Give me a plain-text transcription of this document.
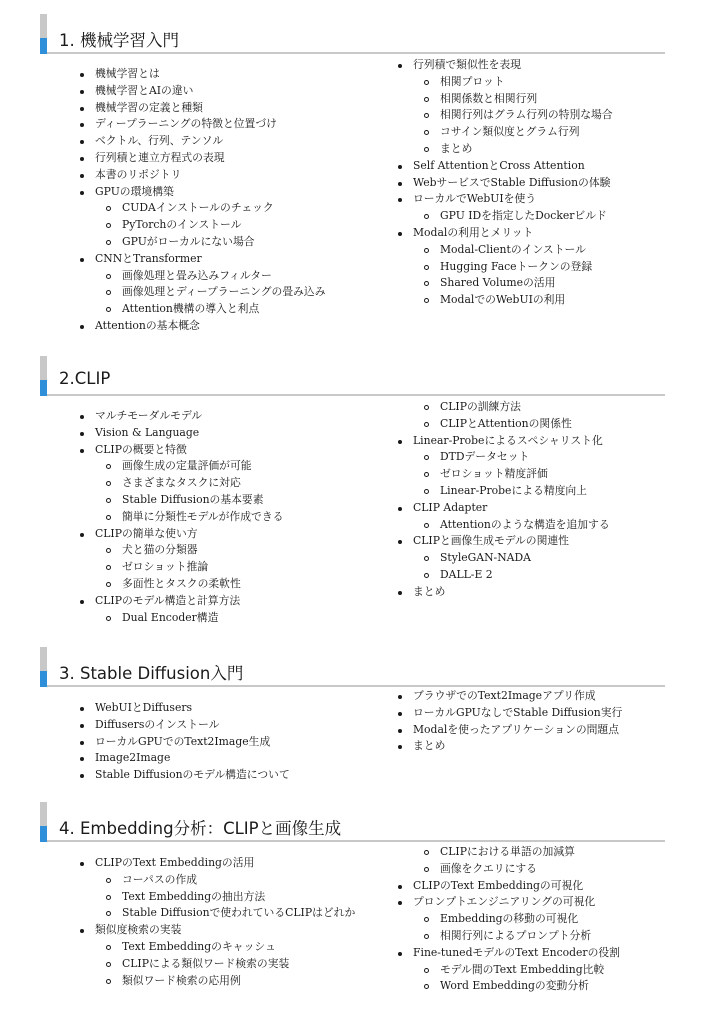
1. 機械学習入門
機械学習とは
機械学習とAIの違い
機械学習の定義と種類
ディープラーニングの特徴と位置づけ
ベクトル、行列、テンソル
行列積と連立方程式の表現
本書のリポジトリ
GPUの環境構築
CUDAインストールのチェック
PyTorchのインストール
GPUがローカルにない場合
CNNとTransformer
画像処理と畳み込みフィルター
画像処理とディープラーニングの畳み込み
Attention機構の導入と利点
Attentionの基本概念
行列積で類似性を表現
相関プロット
相関係数と相関行列
相関行列はグラム行列の特別な場合
コサイン類似度とグラム行列
まとめ
Self AttentionとCross Attention
WebサービスでStable Diffusionの体験
ローカルでWebUIを使う
GPU IDを指定したDockerビルド
Modalの利用とメリット
Modal-Clientのインストール
Hugging Faceトークンの登録
Shared Volumeの活用
ModalでのWebUIの利用
2.CLIP
マルチモーダルモデル
Vision & Language
CLIPの概要と特徴
画像生成の定量評価が可能
さまざまなタスクに対応
Stable Diffusionの基本要素
簡単に分類性モデルが作成できる
CLIPの簡単な使い方
犬と猫の分類器
ゼロショット推論
多面性とタスクの柔軟性
CLIPのモデル構造と計算方法
Dual Encoder構造
CLIPの訓練方法
CLIPとAttentionの関係性
Linear-Probeによるスペシャリスト化
DTDデータセット
ゼロショット精度評価
Linear-Probeによる精度向上
CLIP Adapter
Attentionのような構造を追加する
CLIPと画像生成モデルの関連性
StyleGAN-NADA
DALL-E 2
まとめ
3. Stable Diffusion入門
WebUIとDiffusers
Diffusersのインストール
ローカルGPUでのText2Image生成
Image2Image
Stable Diffusionのモデル構造について
ブラウザでのText2Imageアプリ作成
ローカルGPUなしでStable Diffusion実行
Modalを使ったアプリケーションの問題点
まとめ
4. Embedding分析：CLIPと画像生成
CLIPのText Embeddingの活用
コーパスの作成
Text Embeddingの抽出方法
Stable Diffusionで使われているCLIPはどれか
類似度検索の実装
Text Embeddingのキャッシュ
CLIPによる類似ワード検索の実装
類似ワード検索の応用例
CLIPにおける単語の加減算
画像をクエリにする
CLIPのText Embeddingの可視化
プロンプトエンジニアリングの可視化
Embeddingの移動の可視化
相関行列によるプロンプト分析
Fine-tunedモデルのText Encoderの役割
モデル間のText Embedding比較
Word Embeddingの変動分析
